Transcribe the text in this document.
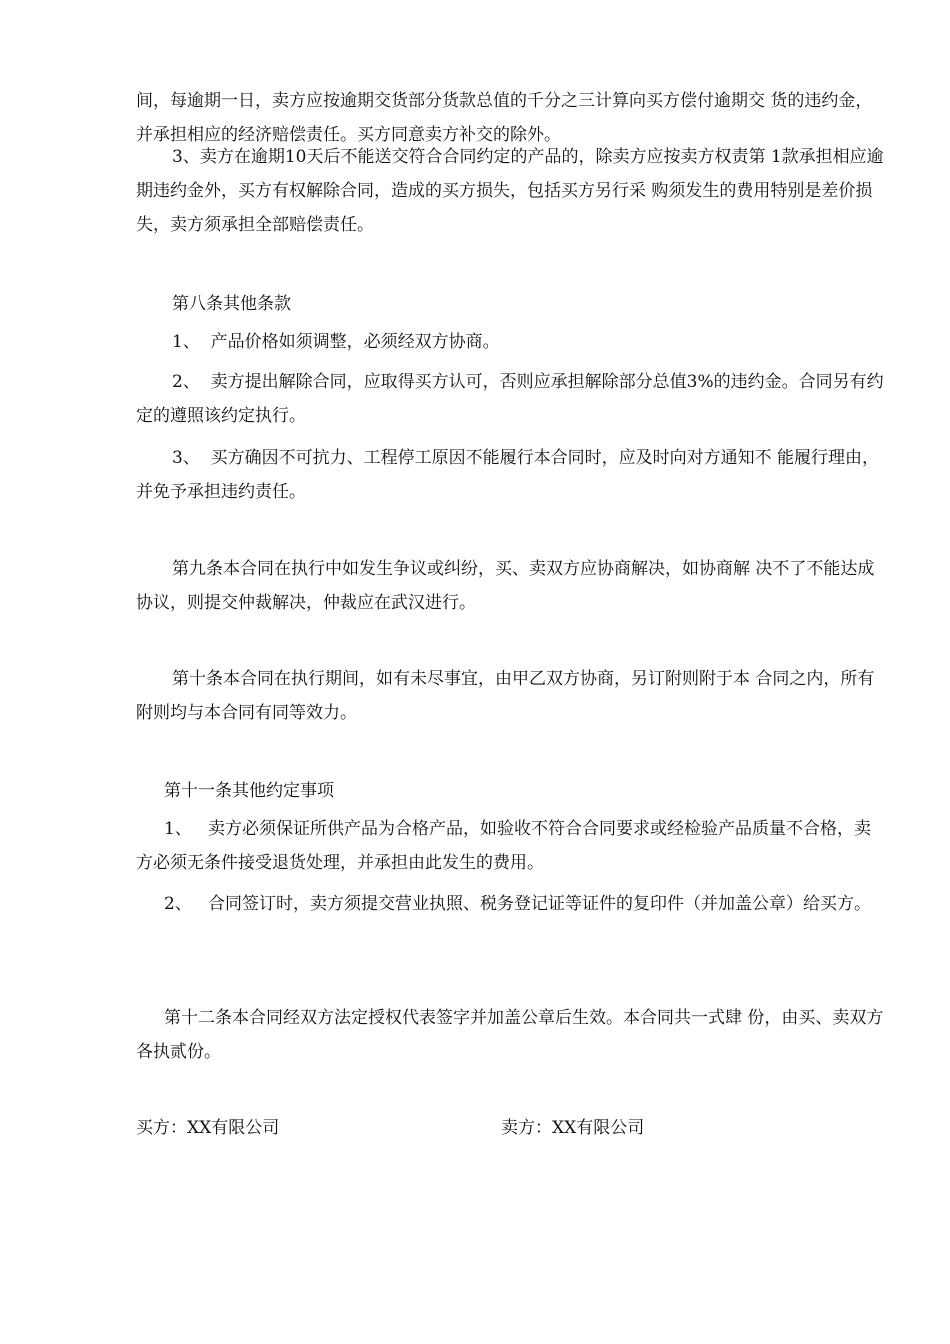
间，每逾期一日，卖方应按逾期交货部分货款总值的千分之三计算向买方偿付逾期交 货的违约金，并承担相应的经济赔偿责任。买方同意卖方补交的除外。
3、卖方在逾期10天后不能送交符合合同约定的产品的，除卖方应按卖方权责第 1款承担相应逾期违约金外，买方有权解除合同，造成的买方损失，包括买方另行采 购须发生的费用特别是差价损失，卖方须承担全部赔偿责任。
第八条其他条款
1、  产品价格如须调整，必须经双方协商。
2、  卖方提出解除合同，应取得买方认可，否则应承担解除部分总值3%的违约金。合同另有约定的遵照该约定执行。
3、  买方确因不可抗力、工程停工原因不能履行本合同时，应及时向对方通知不 能履行理由，并免予承担违约责任。
第九条本合同在执行中如发生争议或纠纷，买、卖双方应协商解决，如协商解 决不了不能达成协议，则提交仲裁解决，仲裁应在武汉进行。
第十条本合同在执行期间，如有未尽事宜，由甲乙双方协商，另订附则附于本 合同之内，所有附则均与本合同有同等效力。
第十一条其他约定事项
1、   卖方必须保证所供产品为合格产品，如验收不符合合同要求或经检验产品质量不合格，卖方必须无条件接受退货处理，并承担由此发生的费用。
2、   合同签订时，卖方须提交营业执照、税务登记证等证件的复印件（并加盖公章）给买方。
第十二条本合同经双方法定授权代表签字并加盖公章后生效。本合同共一式肆 份，由买、卖双方各执贰份。
买方：XX有限公司	卖方：XX有限公司
